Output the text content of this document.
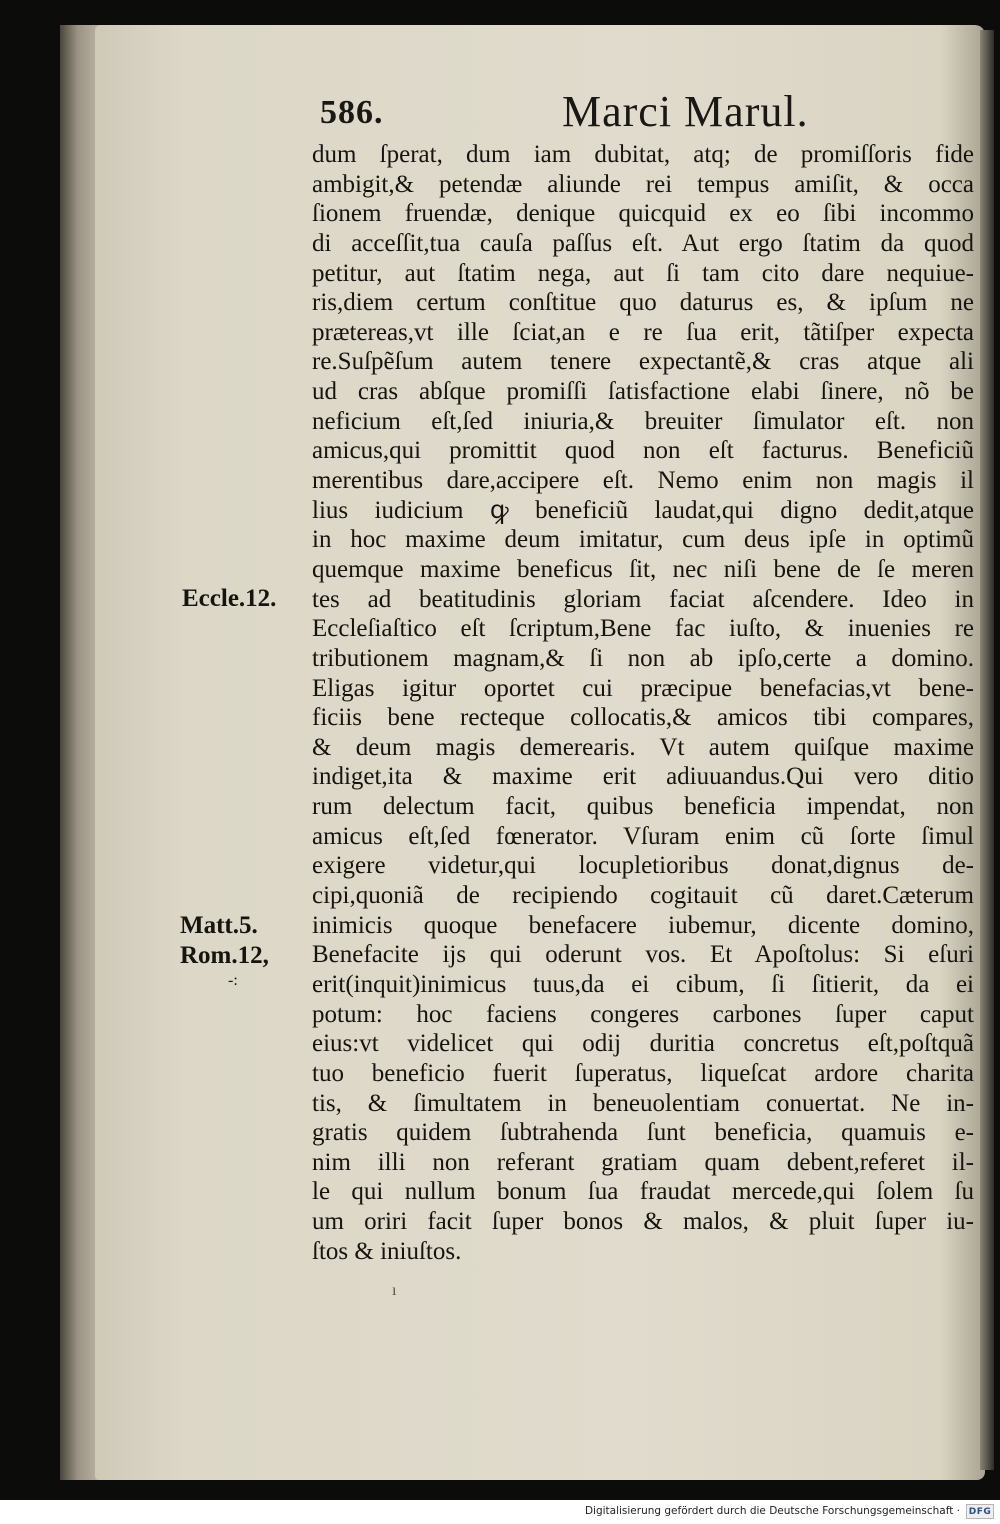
586.	Marci Marul.
dum ſperat, dum iam dubitat, atq; de promiſſoris fide
ambigit,& petendæ aliunde rei tempus amiſit, & occa
ſionem fruendæ, denique quicquid ex eo ſibi incommo
di acceſſit,tua cauſa paſſus eſt. Aut ergo ſtatim da quod
petitur, aut ſtatim nega, aut ſi tam cito dare nequiue-
ris,diem certum conſtitue quo daturus es, & ipſum ne
prætereas,vt ille ſciat,an e re ſua erit, tãtiſper expecta
re.Suſpẽſum autem tenere expectantẽ,& cras atque ali
ud cras abſque promiſſi ſatisfactione elabi ſinere, nõ be
neficium eſt,ſed iniuria,& breuiter ſimulator eſt. non
amicus,qui promittit quod non eſt facturus. Beneficiũ
merentibus dare,accipere eſt. Nemo enim non magis il
lius iudicium ꝙ beneficiũ laudat,qui digno dedit,atque
in hoc maxime deum imitatur, cum deus ipſe in optimũ
quemque maxime beneficus ſit, nec niſi bene de ſe meren
tes ad beatitudinis gloriam faciat aſcendere. Ideo in
Eccleſiaſtico eſt ſcriptum,Bene fac iuſto, & inuenies re
tributionem magnam,& ſi non ab ipſo,certe a domino.
Eligas igitur oportet cui præcipue benefacias,vt bene-
ficiis bene recteque collocatis,& amicos tibi compares,
& deum magis demerearis. Vt autem quiſque maxime
indiget,ita & maxime erit adiuuandus.Qui vero ditio
rum delectum facit, quibus beneficia impendat, non
amicus eſt,ſed fœnerator. Vſuram enim cũ ſorte ſimul
exigere videtur,qui locupletioribus donat,dignus de-
cipi,quoniã de recipiendo cogitauit cũ daret.Cæterum
inimicis quoque benefacere iubemur, dicente domino,
Benefacite ĳs qui oderunt vos. Et Apoſtolus: Si eſuri
erit(inquit)inimicus tuus,da ei cibum, ſi ſitierit, da ei
potum: hoc faciens congeres carbones ſuper caput
eius:vt videlicet qui odĳ duritia concretus eſt,poſtquã
tuo beneficio fuerit ſuperatus, liqueſcat ardore charita
tis, & ſimultatem in beneuolentiam conuertat. Ne in-
gratis quidem ſubtrahenda ſunt beneficia, quamuis e-
nim illi non referant gratiam quam debent,referet il-
le qui nullum bonum ſua fraudat mercede,qui ſolem ſu
um oriri facit ſuper bonos & malos, & pluit ſuper iu-
ſtos & iniuſtos.
Eccle.12.
Matt.5.
Rom.12,
-:
ı
Digitalisierung gefördert durch die Deutsche Forschungsgemeinschaft · DFG
